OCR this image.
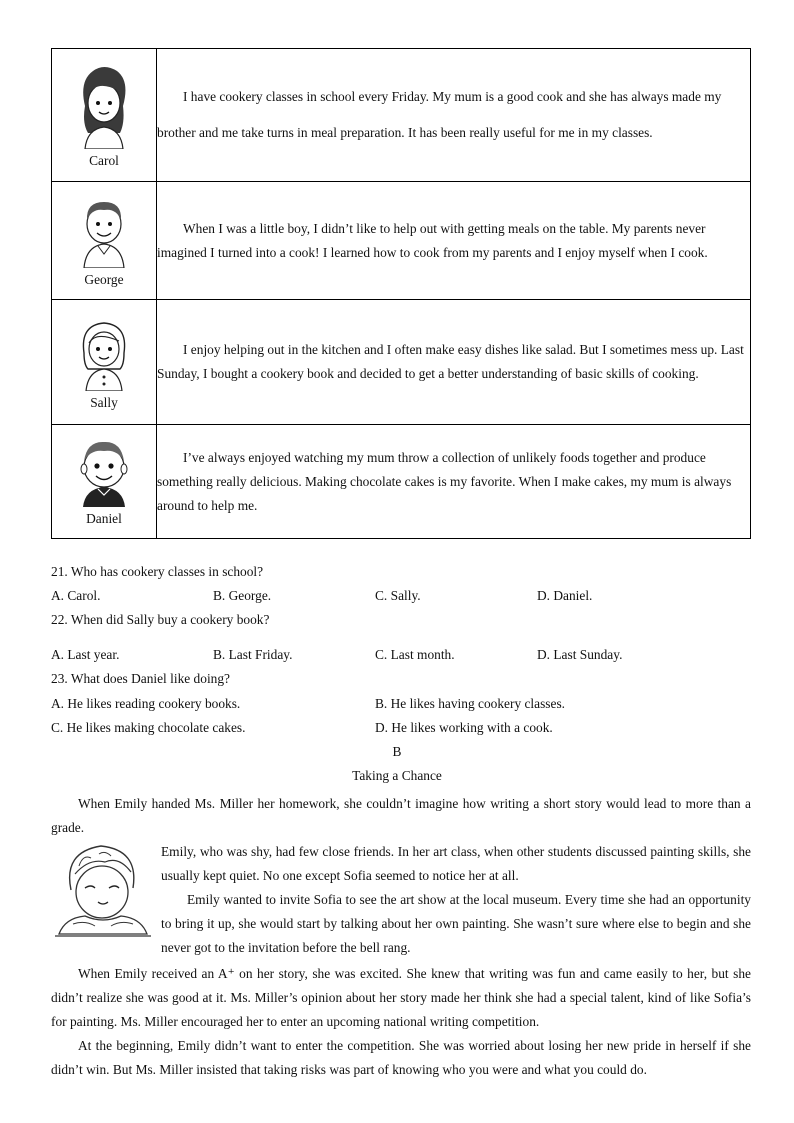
Carol	I have cookery classes in school every Friday. My mum is a good cook and she has always made my brother and me take turns in meal preparation. It has been really useful for me in my classes.

George	When I was a little boy, I didn’t like to help out with getting meals on the table. My parents never imagined I turned into a cook! I learned how to cook from my parents and I enjoy myself when I cook.

Sally	I enjoy helping out in the kitchen and I often make easy dishes like salad. But I sometimes mess up. Last Sunday, I bought a cookery book and decided to get a better understanding of basic skills of cooking.

Daniel	I’ve always enjoyed watching my mum throw a collection of unlikely foods together and produce something really delicious. Making chocolate cakes is my favorite. When I make cakes, my mum is always around to help me.

21. Who has cookery classes in school?
A. Carol.	B. George.	C. Sally.	D. Daniel.
22. When did Sally buy a cookery book?
A. Last year.	B. Last Friday.	C. Last month.	D. Last Sunday.
23. What does Daniel like doing?
A. He likes reading cookery books.	B. He likes having cookery classes.
C. He likes making chocolate cakes.	D. He likes working with a cook.
B
Taking a Chance

When Emily handed Ms. Miller her homework, she couldn’t imagine how writing a short story would lead to more than a grade.

Emily, who was shy, had few close friends. In her art class, when other students discussed painting skills, she usually kept quiet. No one except Sofia seemed to notice her at all.

Emily wanted to invite Sofia to see the art show at the local museum. Every time she had an opportunity to bring it up, she would start by talking about her own painting. She wasn’t sure where else to begin and she never got to the invitation before the bell rang.

When Emily received an A⁺ on her story, she was excited. She knew that writing was fun and came easily to her, but she didn’t realize she was good at it. Ms. Miller’s opinion about her story made her think she had a special talent, kind of like Sofia’s for painting. Ms. Miller encouraged her to enter an upcoming national writing competition.

At the beginning, Emily didn’t want to enter the competition. She was worried about losing her new pride in herself if she didn’t win. But Ms. Miller insisted that taking risks was part of knowing who you were and what you could do.
